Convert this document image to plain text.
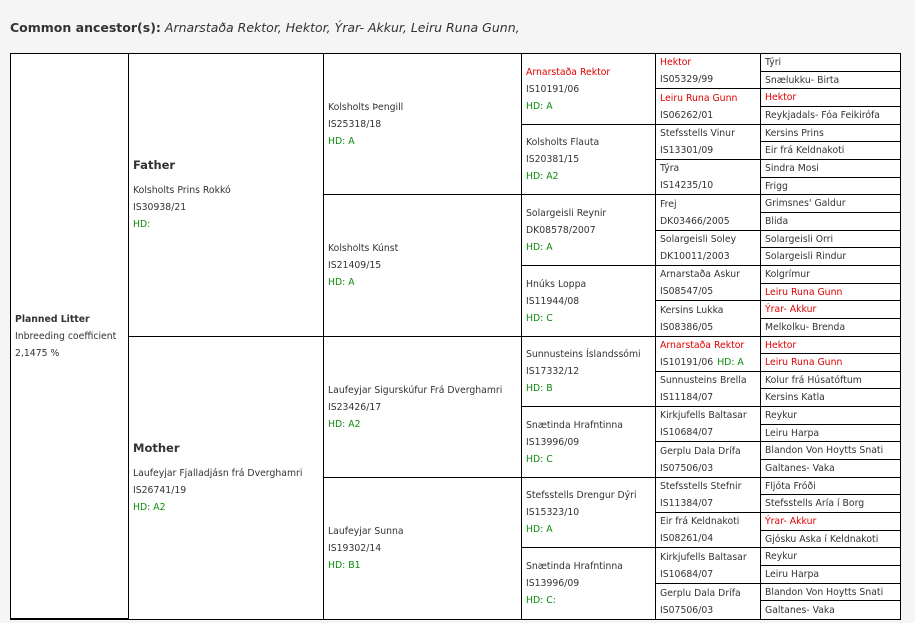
Common ancestor(s): Arnarstaða Rektor, Hektor, Ýrar- Akkur, Leiru Runa Gunn,
Planned Litter
Inbreeding coefficient
2,1475 %
Father
Kolsholts Prins Rokkó
IS30938/21
HD:
Mother
Laufeyjar Fjalladjásn frá Dverghamri
IS26741/19
HD: A2
Kolsholts Þengill
IS25318/18
HD: A
Kolsholts Kúnst
IS21409/15
HD: A
Laufeyjar Sigurskúfur Frá Dverghamri
IS23426/17
HD: A2
Laufeyjar Sunna
IS19302/14
HD: B1
Arnarstaða Rektor
IS10191/06
HD: A
Kolsholts Flauta
IS20381/15
HD: A2
Solargeisli Reynir
DK08578/2007
HD: A
Hnúks Loppa
IS11944/08
HD: C
Sunnusteins Íslandssómi
IS17332/12
HD: B
Snætinda Hrafntinna
IS13996/09
HD: C
Stefsstells Drengur Dýri
IS15323/10
HD: A
Snætinda Hrafntinna
IS13996/09
HD: C:
Hektor
IS05329/99
Leiru Runa Gunn
IS06262/01
Stefsstells Vinur
IS13301/09
Týra
IS14235/10
Frej
DK03466/2005
Solargeisli Soley
DK10011/2003
Arnarstaða Askur
IS08547/05
Kersins Lukka
IS08386/05
Arnarstaða Rektor
IS10191/06 HD: A
Sunnusteins Brella
IS11184/07
Kirkjufells Baltasar
IS10684/07
Gerplu Dala Drífa
IS07506/03
Stefsstells Stefnir
IS11384/07
Eir frá Keldnakoti
IS08261/04
Kirkjufells Baltasar
IS10684/07
Gerplu Dala Drífa
IS07506/03
Týri
Snælukku- Birta
Hektor
Reykjadals- Fóa Feikirófa
Kersins Prins
Eir frá Keldnakoti
Sindra Mosi
Frigg
Grimsnes' Galdur
Blida
Solargeisli Orri
Solargeisli Rindur
Kolgrímur
Leiru Runa Gunn
Ýrar- Akkur
Melkolku- Brenda
Hektor
Leiru Runa Gunn
Kolur frá Húsatóftum
Kersins Katla
Reykur
Leiru Harpa
Blandon Von Hoytts Snati
Galtanes- Vaka
Fljóta Fróði
Stefsstells Aría í Borg
Ýrar- Akkur
Gjósku Aska í Keldnakoti
Reykur
Leiru Harpa
Blandon Von Hoytts Snati
Galtanes- Vaka
